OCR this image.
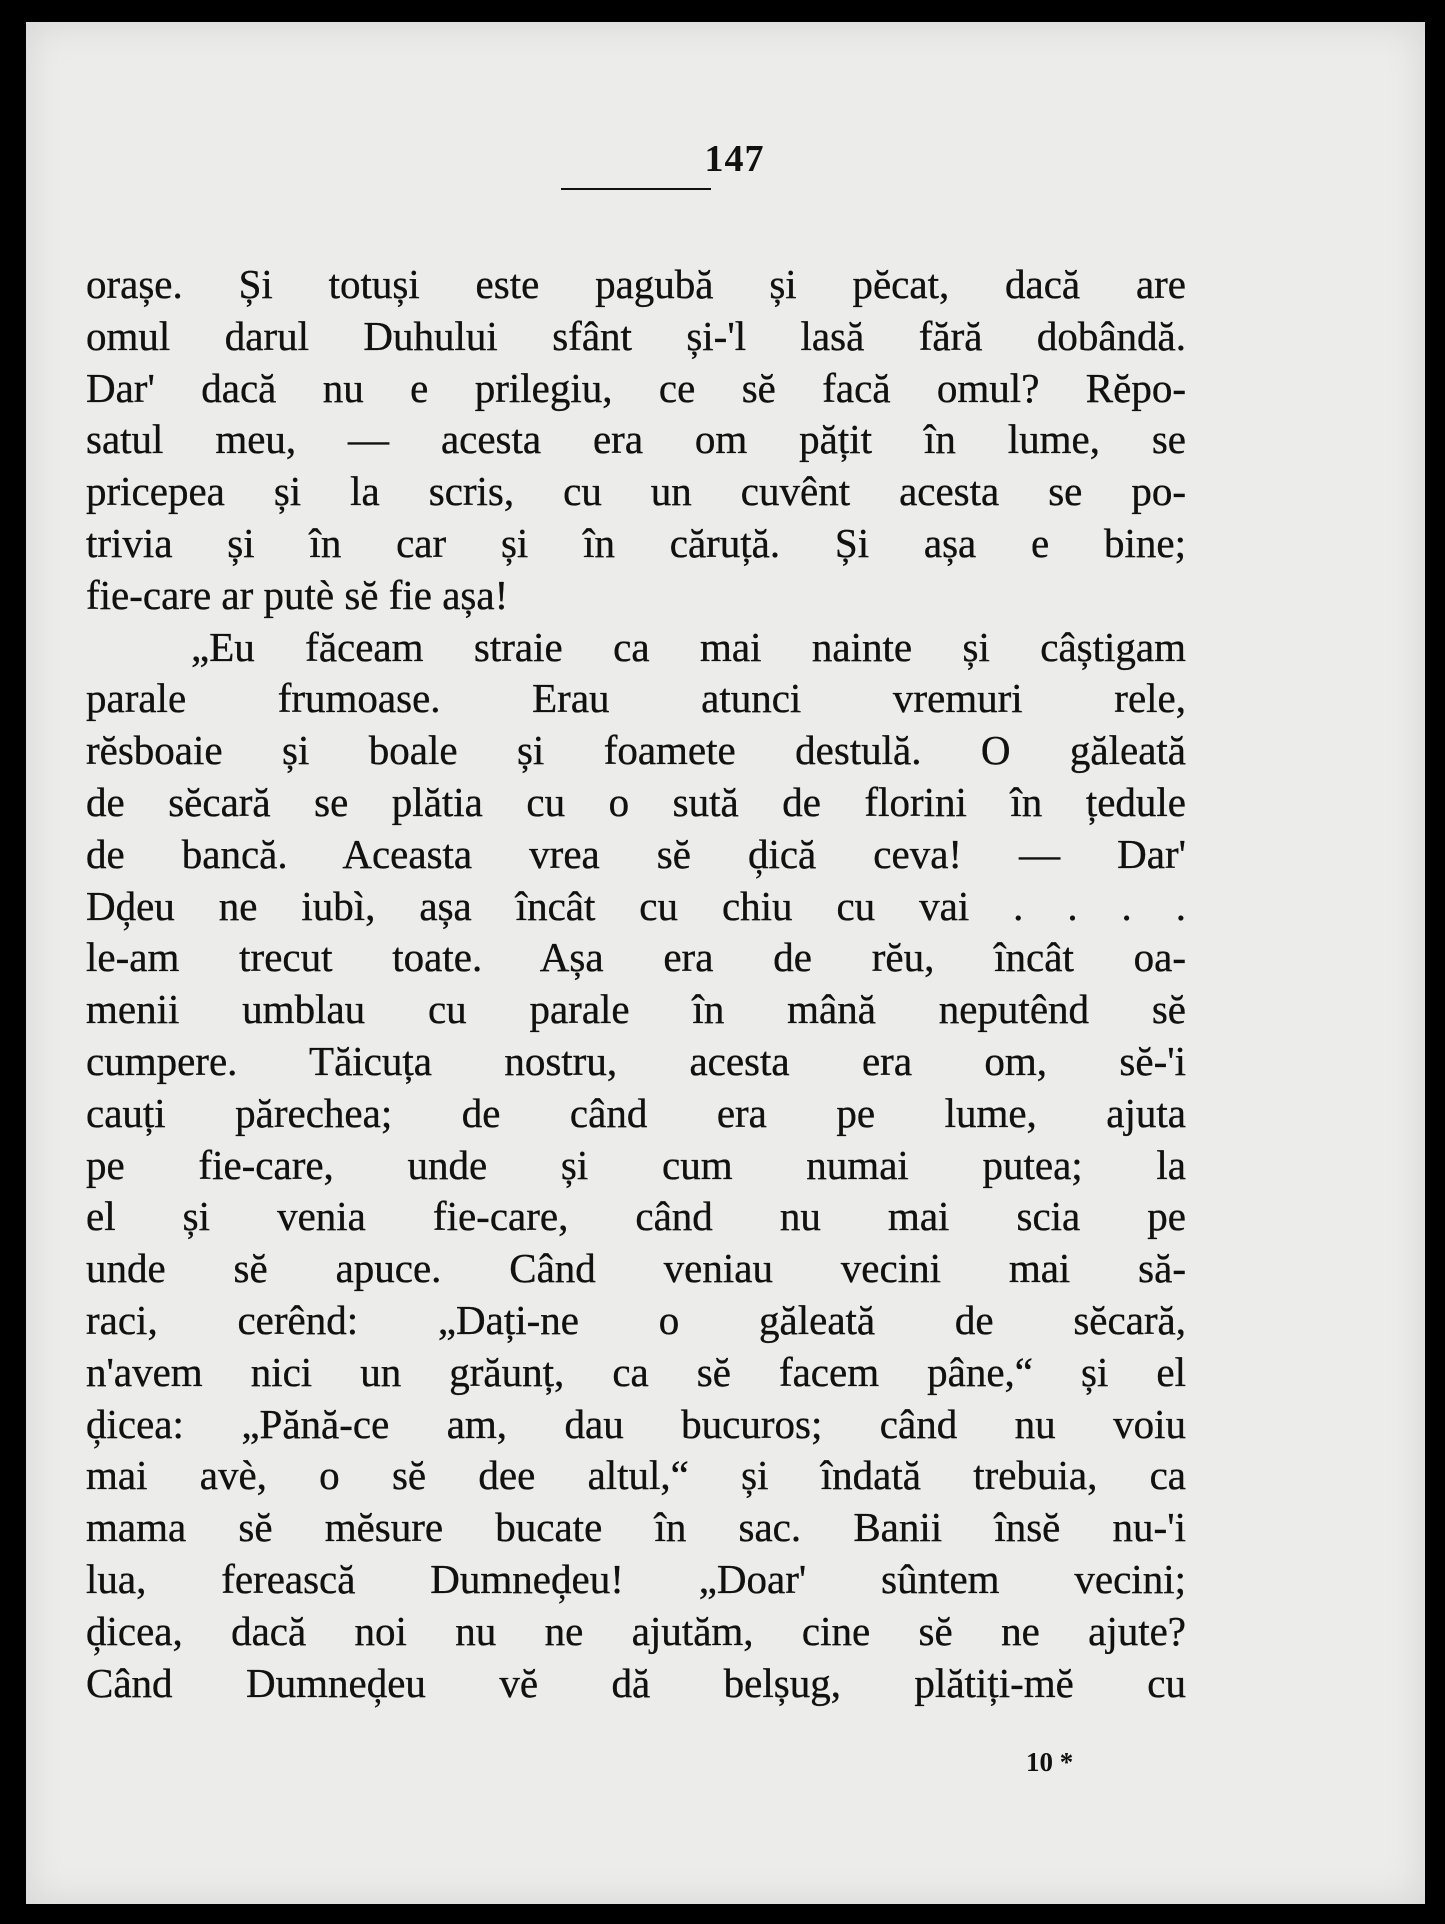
147
orașe. Și totuși este pagubă și pĕcat, dacă are
omul darul Duhului sfânt și-'l lasă fără dobândă.
Dar' dacă nu e prilegiu, ce sĕ facă omul? Rĕpo-
satul meu, — acesta era om pățit în lume, se
pricepea și la scris, cu un cuvênt acesta se po-
trivia și în car și în căruță. Și așa e bine;
fie-care ar putè sĕ fie așa!
„Eu făceam straie ca mai nainte și câștigam
parale frumoase. Erau atunci vremuri rele,
rĕsboaie și boale și foamete destulă. O găleată
de sĕcară se plătia cu o sută de florini în țedule
de bancă. Aceasta vrea sĕ ḑică ceva! — Dar'
Dḑeu ne iubì, așa încât cu chiu cu vai . . . .
le-am trecut toate. Așa era de rĕu, încât oa-
menii umblau cu parale în mână neputênd sĕ
cumpere. Tăicuța nostru, acesta era om, sĕ-'i
cauți părechea; de când era pe lume, ajuta
pe fie-care, unde și cum numai putea; la
el și venia fie-care, când nu mai scia pe
unde sĕ apuce. Când veniau vecini mai să-
raci, cerênd: „Dați-ne o găleată de sĕcară,
n'avem nici un grăunț, ca sĕ facem pâne,“ și el
ḑicea: „Pănă-ce am, dau bucuros; când nu voiu
mai avè, o sĕ dee altul,“ și îndată trebuia, ca
mama sĕ mĕsure bucate în sac. Banii însĕ nu-'i
lua, ferească Dumneḑeu! „Doar' sûntem vecini;
ḑicea, dacă noi nu ne ajutăm, cine sĕ ne ajute?
Când Dumneḑeu vĕ dă belșug, plătiți-mĕ cu
10 *
